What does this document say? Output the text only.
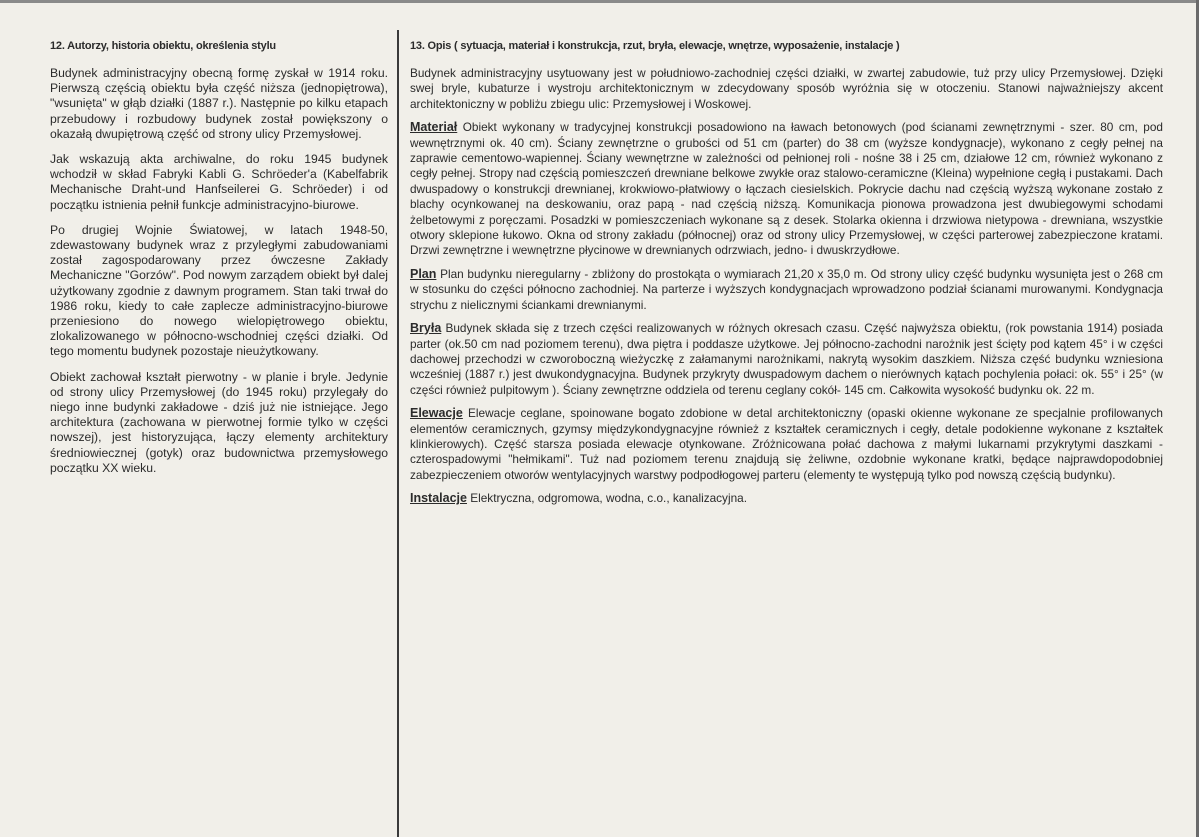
12. Autorzy, historia obiektu, określenia stylu

Budynek administracyjny obecną formę zyskał w 1914 roku. Pierwszą częścią obiektu była część niższa (jednopiętrowa), "wsunięta" w głąb działki (1887 r.). Następnie po kilku etapach przebudowy i rozbudowy budynek został powiększony o okazałą dwupiętrową część od strony ulicy Przemysłowej.

Jak wskazują akta archiwalne, do roku 1945 budynek wchodził w skład Fabryki Kabli G. Schröeder'a (Kabelfabrik Mechanische Draht-und Hanfseilerei G. Schröeder) i od początku istnienia pełnił funkcje administracyjno-biurowe.

Po drugiej Wojnie Światowej, w latach 1948-50, zdewastowany budynek wraz z przyległymi zabudowaniami został zagospodarowany przez ówczesne Zakłady Mechaniczne "Gorzów". Pod nowym zarządem obiekt był dalej użytkowany zgodnie z dawnym programem. Stan taki trwał do 1986 roku, kiedy to całe zaplecze administracyjno-biurowe przeniesiono do nowego wielopiętrowego obiektu, zlokalizowanego w północno-wschodniej części działki. Od tego momentu budynek pozostaje nieużytkowany.

Obiekt zachował kształt pierwotny - w planie i bryle. Jedynie od strony ulicy Przemysłowej (do 1945 roku) przylegały do niego inne budynki zakładowe - dziś już nie istniejące. Jego architektura (zachowana w pierwotnej formie tylko w części nowszej), jest historyzująca, łączy elementy architektury średniowiecznej (gotyk) oraz budownictwa przemysłowego początku XX wieku.

13. Opis ( sytuacja, materiał i konstrukcja, rzut, bryła, elewacje, wnętrze, wyposażenie, instalacje )

Budynek administracyjny usytuowany jest w południowo-zachodniej części działki, w zwartej zabudowie, tuż przy ulicy Przemysłowej. Dzięki swej bryle, kubaturze i wystroju architektonicznym w zdecydowany sposób wyróżnia się w otoczeniu. Stanowi najważniejszy akcent architektoniczny w pobliżu zbiegu ulic: Przemysłowej i Woskowej.

Materiał Obiekt wykonany w tradycyjnej konstrukcji posadowiono na ławach betonowych (pod ścianami zewnętrznymi - szer. 80 cm, pod wewnętrznymi ok. 40 cm). Ściany zewnętrzne o grubości od 51 cm (parter) do 38 cm (wyższe kondygnacje), wykonano z cegły pełnej na zaprawie cementowo-wapiennej. Ściany wewnętrzne w zależności od pełnionej roli - nośne 38 i 25 cm, działowe 12 cm, również wykonano z cegły pełnej. Stropy nad częścią pomieszczeń drewniane belkowe zwykłe oraz stalowo-ceramiczne (Kleina) wypełnione cegłą i pustakami. Dach dwuspadowy o konstrukcji drewnianej, krokwiowo-płatwiowy o łączach ciesielskich. Pokrycie dachu nad częścią wyższą wykonane zostało z blachy ocynkowanej na deskowaniu, oraz papą - nad częścią niższą. Komunikacja pionowa prowadzona jest dwubiegowymi schodami żelbetowymi z poręczami. Posadzki w pomieszczeniach wykonane są z desek. Stolarka okienna i drzwiowa nietypowa - drewniana, wszystkie otwory sklepione łukowo. Okna od strony zakładu (północnej) oraz od strony ulicy Przemysłowej, w części parterowej zabezpieczone kratami. Drzwi zewnętrzne i wewnętrzne płycinowe w drewnianych odrzwiach, jedno- i dwuskrzydłowe.

Plan Plan budynku nieregularny - zbliżony do prostokąta o wymiarach 21,20 x 35,0 m. Od strony ulicy część budynku wysunięta jest o 268 cm w stosunku do części północno zachodniej. Na parterze i wyższych kondygnacjach wprowadzono podział ścianami murowanymi. Kondygnacja strychu z nielicznymi ściankami drewnianymi.

Bryła Budynek składa się z trzech części realizowanych w różnych okresach czasu. Część najwyższa obiektu, (rok powstania 1914) posiada parter (ok.50 cm nad poziomem terenu), dwa piętra i poddasze użytkowe. Jej północno-zachodni narożnik jest ścięty pod kątem 45° i w części dachowej przechodzi w czworoboczną wieżyczkę z załamanymi narożnikami, nakrytą wysokim daszkiem. Niższa część budynku wzniesiona wcześniej (1887 r.) jest dwukondygnacyjna. Budynek przykryty dwuspadowym dachem o nierównych kątach pochylenia połaci: ok. 55° i 25° (w części również pulpitowym ). Ściany zewnętrzne oddziela od terenu ceglany cokół- 145 cm. Całkowita wysokość budynku ok. 22 m.

Elewacje Elewacje ceglane, spoinowane bogato zdobione w detal architektoniczny (opaski okienne wykonane ze specjalnie profilowanych elementów ceramicznych, gzymsy międzykondygnacyjne również z kształtek ceramicznych i cegły, detale podokienne wykonane z kształtek klinkierowych). Część starsza posiada elewacje otynkowane. Zróżnicowana połać dachowa z małymi lukarnami przykrytymi daszkami - czterospadowymi "hełmikami". Tuż nad poziomem terenu znajdują się żeliwne, ozdobnie wykonane kratki, będące najprawdopodobniej zabezpieczeniem otworów wentylacyjnych warstwy podpodłogowej parteru (elementy te występują tylko pod nowszą częścią budynku).

Instalacje Elektryczna, odgromowa, wodna, c.o., kanalizacyjna.
